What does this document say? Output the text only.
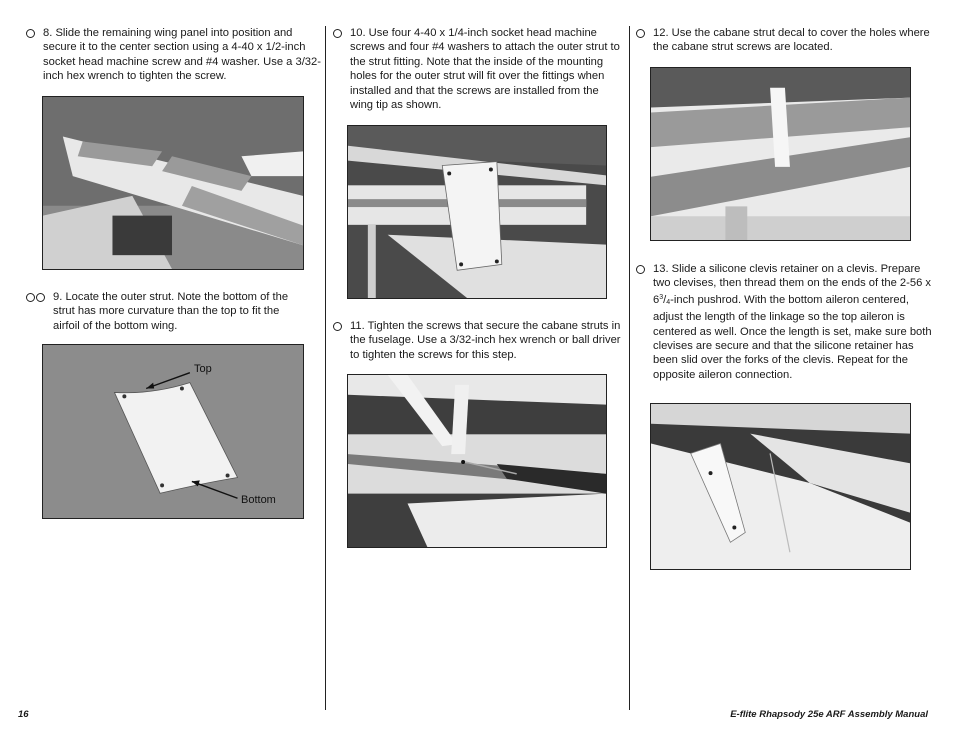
8. Slide the remaining wing panel into position and secure it to the center section using a 4-40 x 1/2-inch socket head machine screw and #4 washer. Use a 3/32-inch hex wrench to tighten the screw.
9. Locate the outer strut. Note the bottom of the strut has more curvature than the top to fit the airfoil of the bottom wing.
Top
Bottom
10. Use four 4-40 x 1/4-inch socket head machine screws and four #4 washers to attach the outer strut to the strut fitting. Note that the inside of the mounting holes for the outer strut will fit over the fittings when installed and that the screws are installed from the wing tip as shown.
11. Tighten the screws that secure the cabane struts in the fuselage. Use a 3/32-inch hex wrench or ball driver to tighten the screws for this step.
12. Use the cabane strut decal to cover the holes where the cabane strut screws are located.
13. Slide a silicone clevis retainer on a clevis. Prepare two clevises, then thread them on the ends of the 2-56 x $6^3/4$-inch pushrod. With the bottom aileron centered, adjust the length of the linkage so the top aileron is centered as well. Once the length is set, make sure both clevises are secure and that the silicone retainer has been slid over the forks of the clevis. Repeat for the opposite aileron connection.
16	E-flite Rhapsody 25e ARF Assembly Manual
